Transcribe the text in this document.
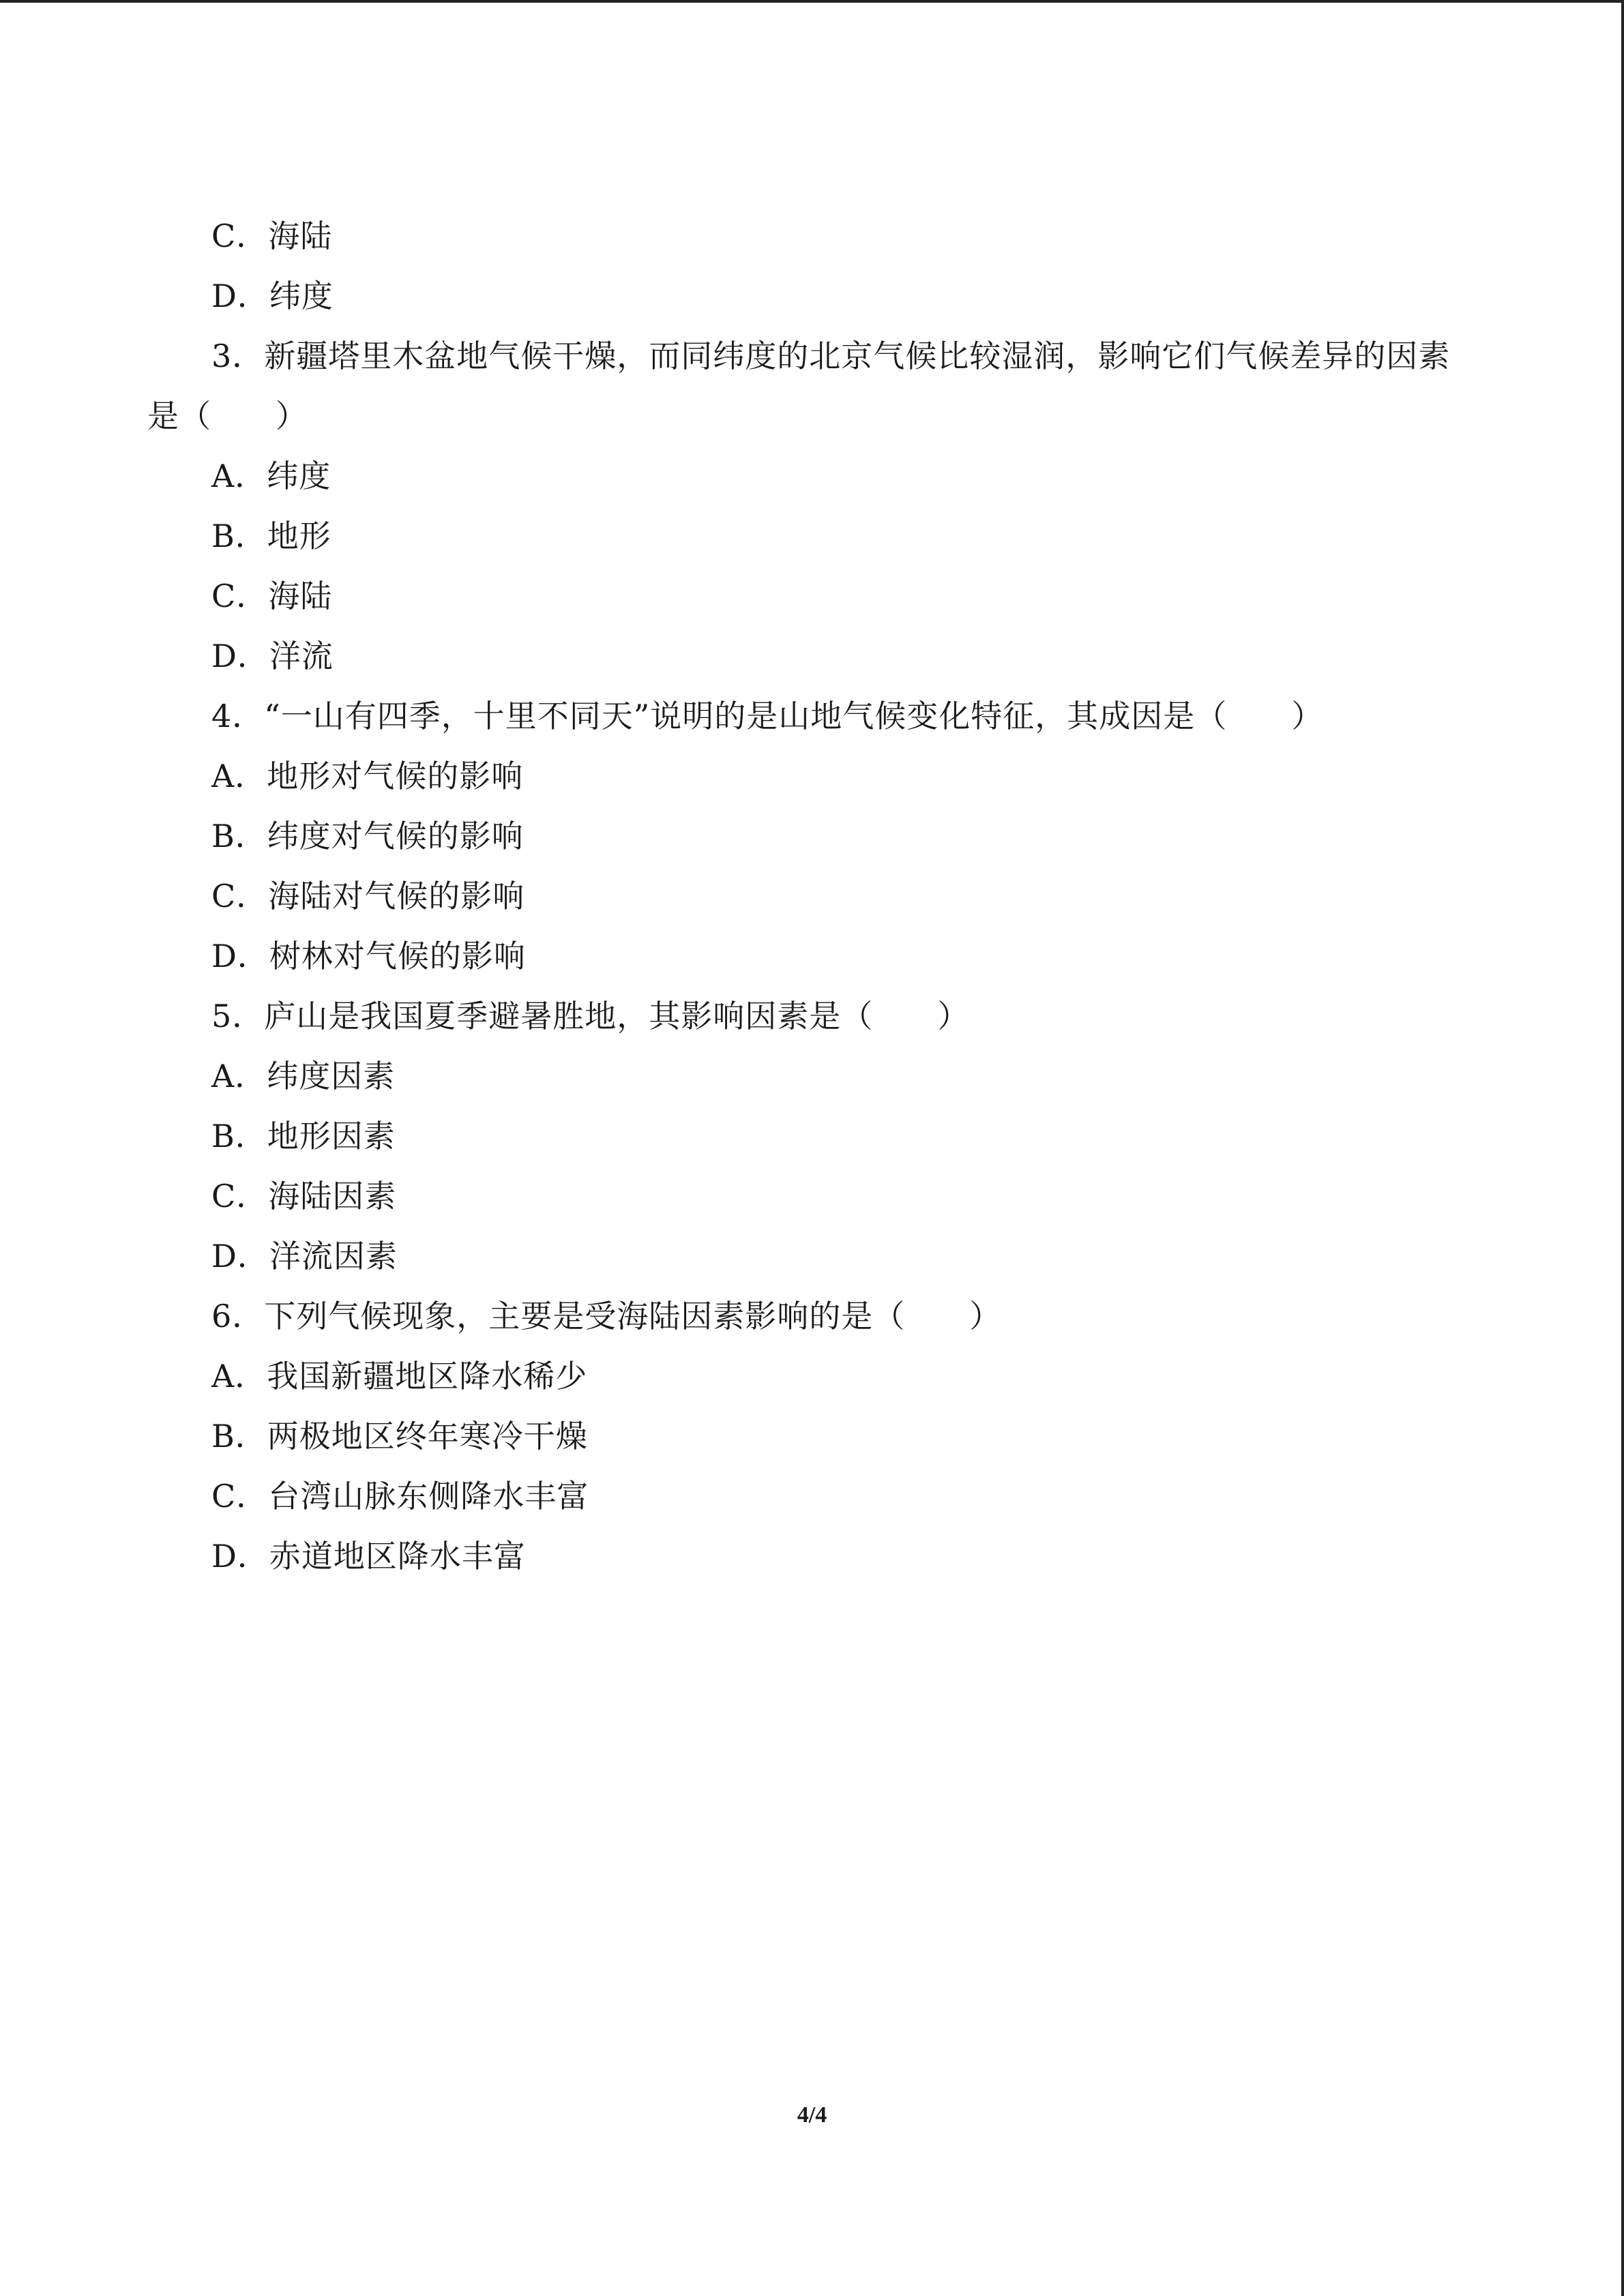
C．海陆
D．纬度
3．新疆塔里木盆地气候干燥，而同纬度的北京气候比较湿润，影响它们气候差异的因素
是（　　）
A．纬度
B．地形
C．海陆
D．洋流
4．“一山有四季，十里不同天”说明的是山地气候变化特征，其成因是（　　）
A．地形对气候的影响
B．纬度对气候的影响
C．海陆对气候的影响
D．树林对气候的影响
5．庐山是我国夏季避暑胜地，其影响因素是（　　）
A．纬度因素
B．地形因素
C．海陆因素
D．洋流因素
6．下列气候现象，主要是受海陆因素影响的是（　　）
A．我国新疆地区降水稀少
B．两极地区终年寒冷干燥
C．台湾山脉东侧降水丰富
D．赤道地区降水丰富
4/4
